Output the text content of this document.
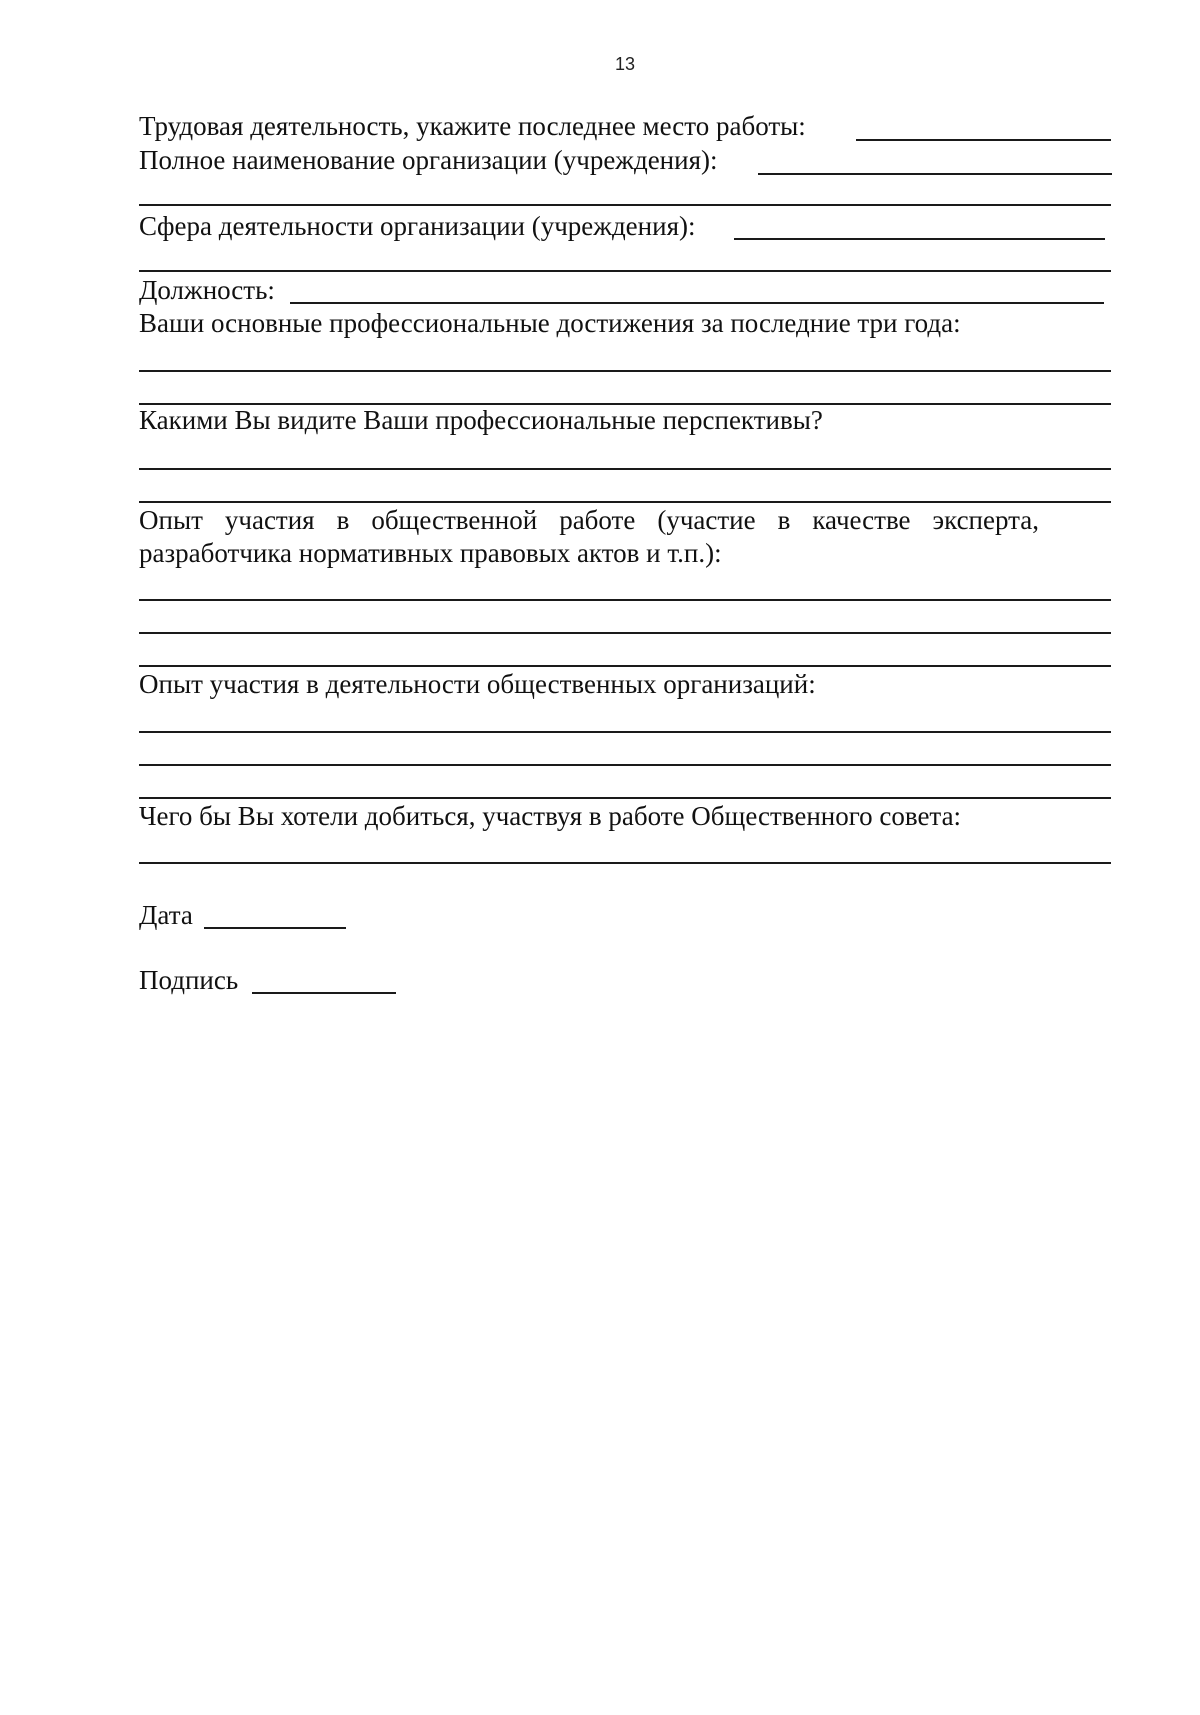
13
Трудовая деятельность, укажите последнее место работы:
Полное наименование организации (учреждения):
Сфера деятельности организации (учреждения):
Должность:
Ваши основные профессиональные достижения за последние три года:
Какими Вы видите Ваши профессиональные перспективы?
Опыт участия в общественной работе (участие в качестве эксперта,
разработчика нормативных правовых актов и т.п.):
Опыт участия в деятельности общественных организаций:
Чего бы Вы хотели добиться, участвуя в работе Общественного совета:
Дата
Подпись
